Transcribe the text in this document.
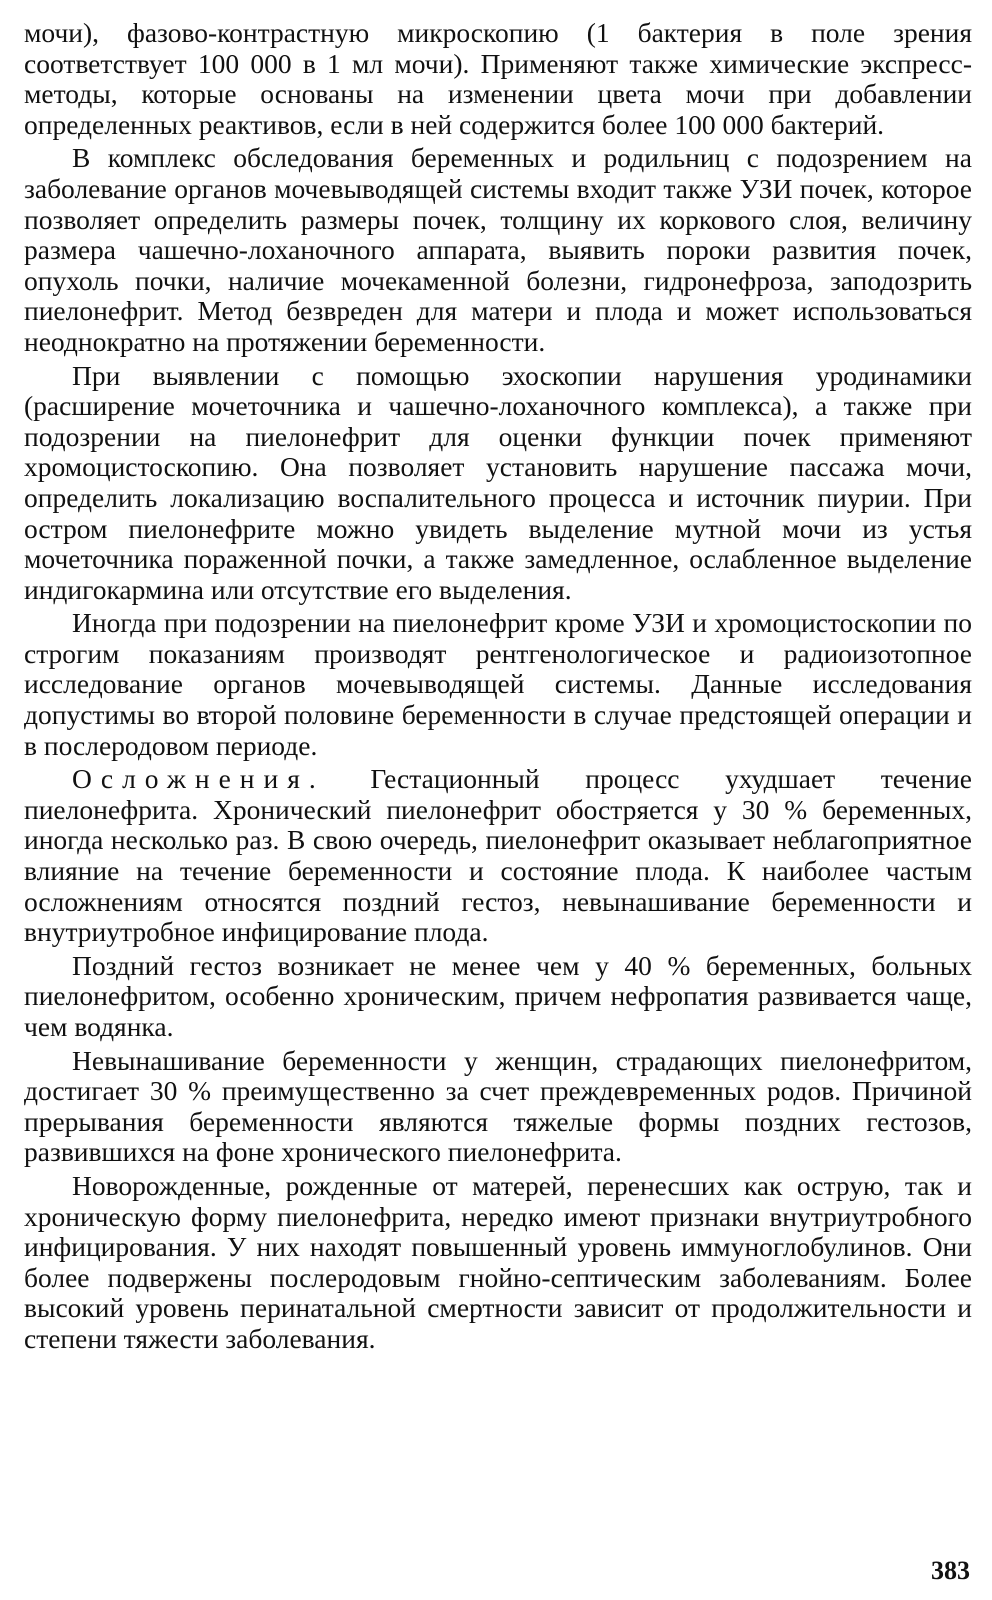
мочи), фазово-контрастную микроскопию (1 бактерия в поле зрения соответствует 100 000 в 1 мл мочи). Применяют также химические экспресс-методы, которые основаны на изменении цвета мочи при добавлении определенных реактивов, если в ней содержится более 100 000 бактерий.

В комплекс обследования беременных и родильниц с подозрением на заболевание органов мочевыводящей системы входит также УЗИ почек, которое позволяет определить размеры почек, толщину их коркового слоя, величину размера чашечно-лоханочного аппарата, выявить пороки развития почек, опухоль почки, наличие мочекаменной болезни, гидронефроза, заподозрить пиелонефрит. Метод безвреден для матери и плода и может использоваться неоднократно на протяжении беременности.

При выявлении с помощью эхоскопии нарушения уродинамики (расширение мочеточника и чашечно-лоханочного комплекса), а также при подозрении на пиелонефрит для оценки функции почек применяют хромоцистоскопию. Она позволяет установить нарушение пассажа мочи, определить локализацию воспалительного процесса и источник пиурии. При остром пиелонефрите можно увидеть выделение мутной мочи из устья мочеточника пораженной почки, а также замедленное, ослабленное выделение индигокармина или отсутствие его выделения.

Иногда при подозрении на пиелонефрит кроме УЗИ и хромоцистоскопии по строгим показаниям производят рентгенологическое и радиоизотопное исследование органов мочевыводящей системы. Данные исследования допустимы во второй половине беременности в случае предстоящей операции и в послеродовом периоде.

Осложнения. Гестационный процесс ухудшает течение пиелонефрита. Хронический пиелонефрит обостряется у 30 % беременных, иногда несколько раз. В свою очередь, пиелонефрит оказывает неблагоприятное влияние на течение беременности и состояние плода. К наиболее частым осложнениям относятся поздний гестоз, невынашивание беременности и внутриутробное инфицирование плода.

Поздний гестоз возникает не менее чем у 40 % беременных, больных пиелонефритом, особенно хроническим, причем нефропатия развивается чаще, чем водянка.

Невынашивание беременности у женщин, страдающих пиелонефритом, достигает 30 % преимущественно за счет преждевременных родов. Причиной прерывания беременности являются тяжелые формы поздних гестозов, развившихся на фоне хронического пиелонефрита.

Новорожденные, рожденные от матерей, перенесших как острую, так и хроническую форму пиелонефрита, нередко имеют признаки внутриутробного инфицирования. У них находят повышенный уровень иммуноглобулинов. Они более подвержены послеродовым гнойно-септическим заболеваниям. Более высокий уровень перинатальной смертности зависит от продолжительности и степени тяжести заболевания.

383
